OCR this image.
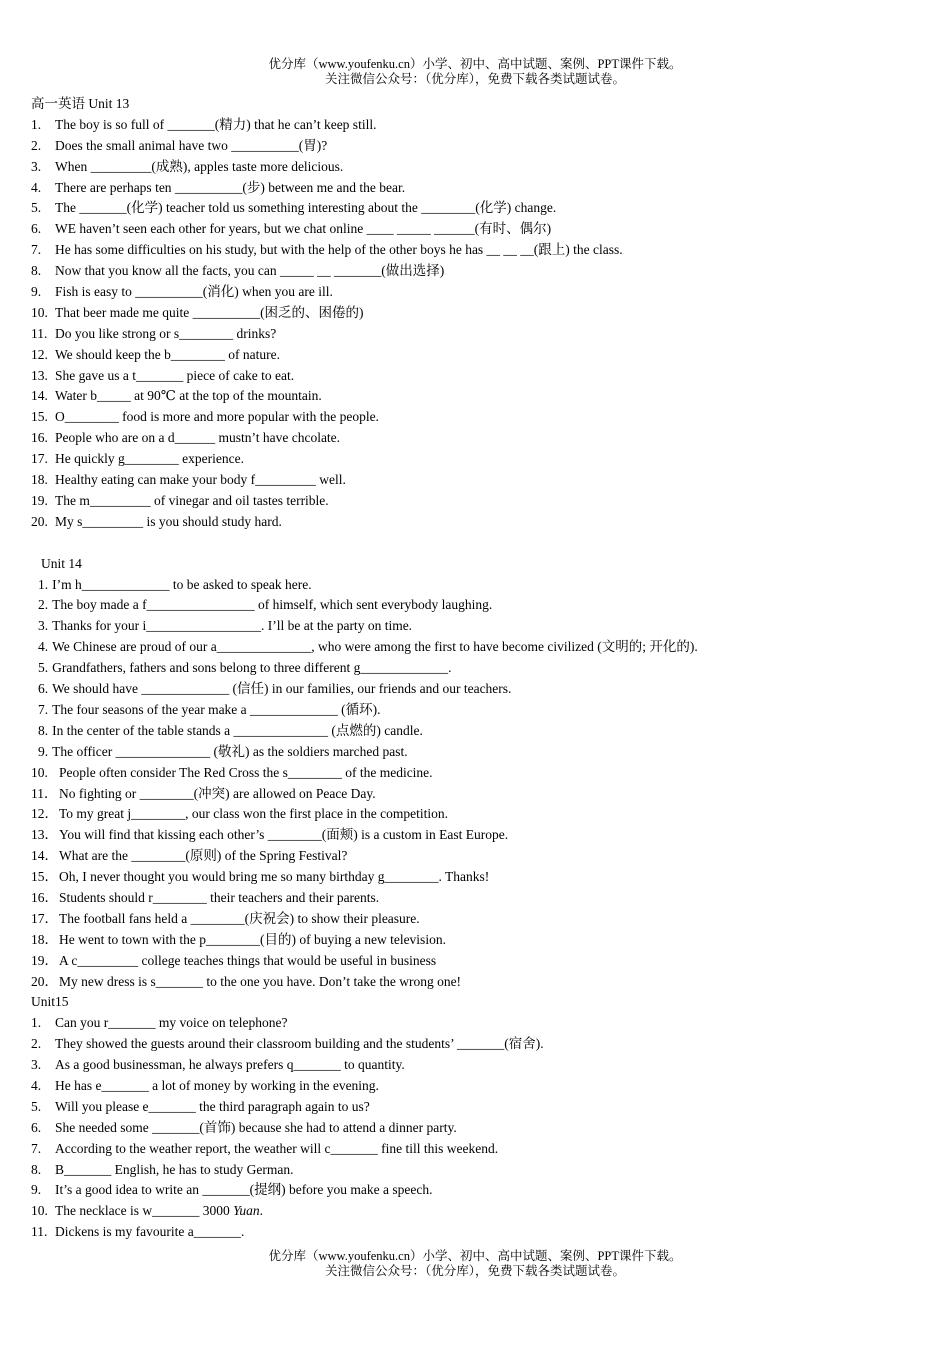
优分库（www.youfenku.cn）小学、初中、高中试题、案例、PPT课件下载。
关注微信公众号：（优分库），免费下载各类试题试卷。
高一英语 Unit 13
1. The boy is so full of _______(精力) that he can’t keep still.
2. Does the small animal have two __________(胃)?
3. When _________(成熟), apples taste more delicious.
4. There are perhaps ten __________(步) between me and the bear.
5. The _______(化学) teacher told us something interesting about the ________(化学) change.
6. WE haven’t seen each other for years, but we chat online ____ _____ ______(有时、偶尔)
7. He has some difficulties on his study, but with the help of the other boys he has __ __ __(跟上) the class.
8. Now that you know all the facts, you can _____ __ _______(做出选择)
9. Fish is easy to __________(消化) when you are ill.
10. That beer made me quite __________(困乏的、困倦的)
11. Do you like strong or s________ drinks?
12. We should keep the b________ of nature.
13. She gave us a t_______ piece of cake to eat.
14. Water b_____ at 90℃ at the top of the mountain.
15. O________ food is more and more popular with the people.
16. People who are on a d______ mustn’t have chcolate.
17. He quickly g________ experience.
18. Healthy eating can make your body f_________ well.
19. The m_________ of vinegar and oil tastes terrible.
20. My s_________ is you should study hard.
Unit 14
1. I’m h_____________ to be asked to speak here.
2. The boy made a f________________ of himself, which sent everybody laughing.
3. Thanks for your i_________________. I’ll be at the party on time.
4. We Chinese are proud of our a______________, who were among the first to have become civilized (文明的; 开化的).
5. Grandfathers, fathers and sons belong to three different g_____________.
6. We should have _____________ (信任) in our families, our friends and our teachers.
7. The four seasons of the year make a _____________ (循环).
8. In the center of the table stands a ______________ (点燃的) candle.
9. The officer ______________ (敬礼) as the soldiers marched past.
10. People often consider The Red Cross the s________ of the medicine.
11． No fighting or ________(冲突) are allowed on Peace Day.
12．To my great j________, our class won the first place in the competition.
13．You will find that kissing each other’s ________(面颊) is a custom in East Europe.
14．What are the ________(原则) of the Spring Festival?
15．Oh, I never thought you would bring me so many birthday g________. Thanks!
16．Students should r________ their teachers and their parents.
17．The football fans held a ________(庆祝会) to show their pleasure.
18．He went to town with the p________(目的) of buying a new television.
19．A c_________ college teaches things that would be useful in business
20．My new dress is s_______ to the one you have. Don’t take the wrong one!
Unit15
1. Can you r_______ my voice on telephone?
2. They showed the guests around their classroom building and the students’ _______(宿舍).
3. As a good businessman, he always prefers q_______ to quantity.
4. He has e_______ a lot of money by working in the evening.
5. Will you please e_______ the third paragraph again to us?
6. She needed some _______(首饰) because she had to attend a dinner party.
7. According to the weather report, the weather will c_______ fine till this weekend.
8. B_______ English, he has to study German.
9. It’s a good idea to write an _______(提纲) before you make a speech.
10. The necklace is w_______ 3000 Yuan.
11. Dickens is my favourite a_______.
优分库（www.youfenku.cn）小学、初中、高中试题、案例、PPT课件下载。
关注微信公众号：（优分库），免费下载各类试题试卷。
